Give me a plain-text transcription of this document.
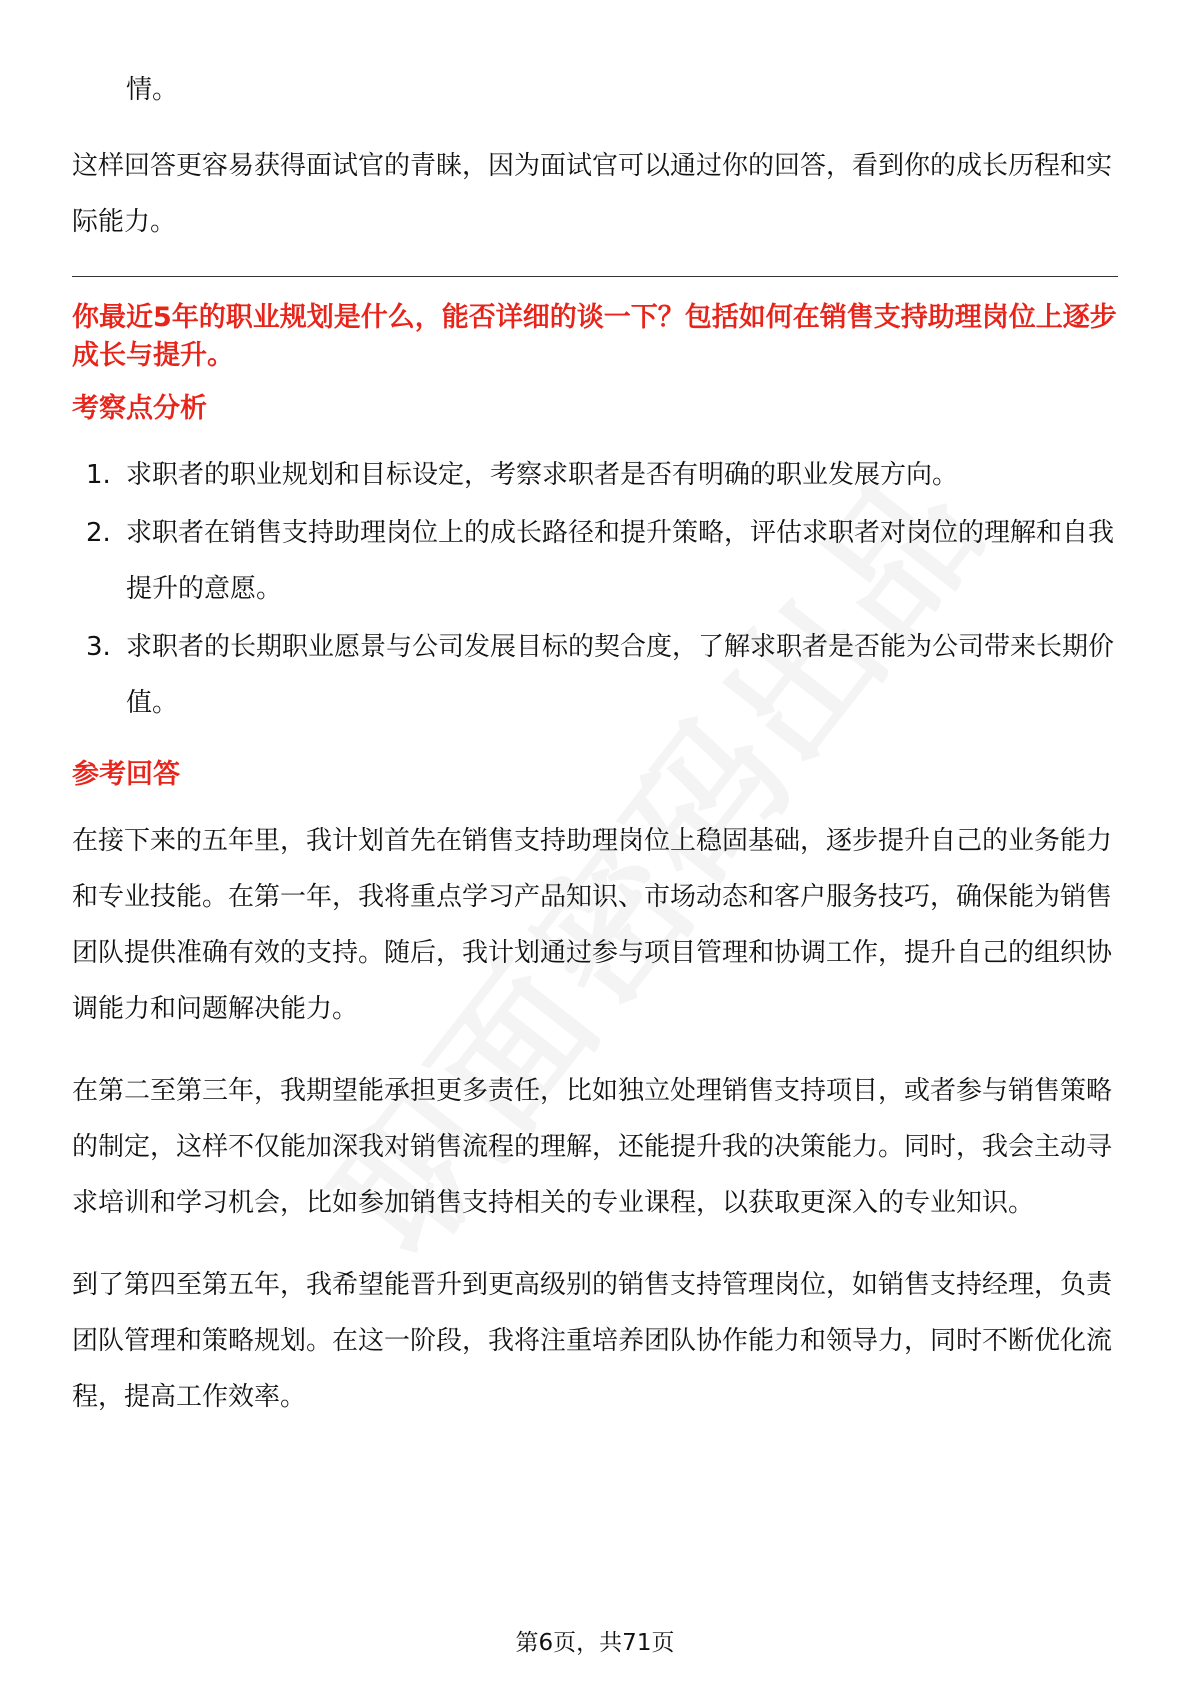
情。

这样回答更容易获得面试官的青睐，因为面试官可以通过你的回答，看到你的成长历程和实际能力。

你最近5年的职业规划是什么，能否详细的谈一下？包括如何在销售支持助理岗位上逐步成长与提升。

考察点分析

1. 求职者的职业规划和目标设定，考察求职者是否有明确的职业发展方向。
2. 求职者在销售支持助理岗位上的成长路径和提升策略，评估求职者对岗位的理解和自我提升的意愿。
3. 求职者的长期职业愿景与公司发展目标的契合度，了解求职者是否能为公司带来长期价值。

参考回答

在接下来的五年里，我计划首先在销售支持助理岗位上稳固基础，逐步提升自己的业务能力和专业技能。在第一年，我将重点学习产品知识、市场动态和客户服务技巧，确保能为销售团队提供准确有效的支持。随后，我计划通过参与项目管理和协调工作，提升自己的组织协调能力和问题解决能力。

在第二至第三年，我期望能承担更多责任，比如独立处理销售支持项目，或者参与销售策略的制定，这样不仅能加深我对销售流程的理解，还能提升我的决策能力。同时，我会主动寻求培训和学习机会，比如参加销售支持相关的专业课程，以获取更深入的专业知识。

到了第四至第五年，我希望能晋升到更高级别的销售支持管理岗位，如销售支持经理，负责团队管理和策略规划。在这一阶段，我将注重培养团队协作能力和领导力，同时不断优化流程，提高工作效率。

第6页，共71页
